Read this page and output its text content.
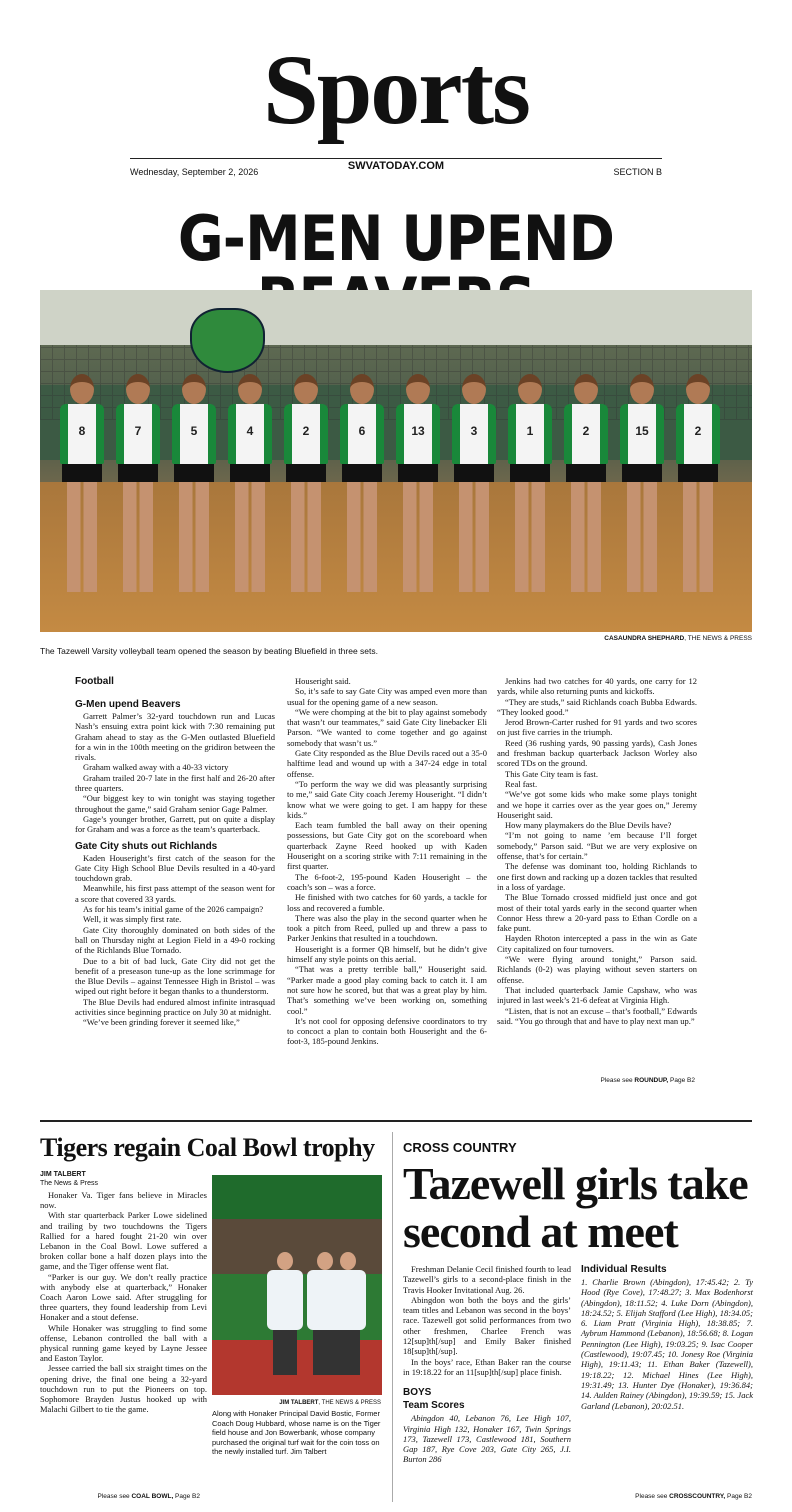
Sports
Wednesday, September 2, 2026	SWVATODAY.COM	SECTION B
G-MEN UPEND
8	7	5	4	2	6	13	3	1	2	15	2
CASAUNDRA SHEPHARD, THE NEWS & PRESS
The Tazewell Varsity volleyball team opened the season by beating Bluefield in three sets.

Football

G-Men upend Beavers

Garrett Palmer’s 32-yard touchdown run and Lucas Nash’s ensuing extra point kick with 7:30 remaining put Graham ahead to stay as the G-Men outlasted Bluefield for a win in the 100th meeting on the gridiron between the rivals.

Graham walked away with a 40-33 victory

Graham trailed 20-7 late in the first half and 26-20 after three quarters.

“Our biggest key to win tonight was staying together throughout the game,” said Graham senior Gage Palmer.

Gage’s younger brother, Garrett, put on quite a display for Graham and was a force as the team’s quarterback.

Gate City shuts out Richlands

Kaden Houseright’s first catch of the season for the Gate City High School Blue Devils resulted in a 40-yard touchdown grab.

Meanwhile, his first pass attempt of the season went for a score that covered 33 yards.

As for his team’s initial game of the 2026 campaign?

Well, it was simply first rate.

Gate City thoroughly dominated on both sides of the ball on Thursday night at Legion Field in a 49-0 rocking of the Richlands Blue Tornado.

Due to a bit of bad luck, Gate City did not get the benefit of a preseason tune-up as the lone scrimmage for the Blue Devils – against Tennessee High in Bristol – was wiped out right before it began thanks to a thunderstorm.

The Blue Devils had endured almost infinite intrasquad activities since beginning practice on July 30 at midnight.

“We’ve been grinding forever it seemed like,”

Houseright said.

So, it’s safe to say Gate City was amped even more than usual for the opening game of a new season.

“We were chomping at the bit to play against somebody that wasn’t our teammates,” said Gate City linebacker Eli Parson. “We wanted to come together and go against somebody that wasn’t us.”

Gate City responded as the Blue Devils raced out a 35-0 halftime lead and wound up with a 347-24 edge in total offense.

“To perform the way we did was pleasantly surprising to me,” said Gate City coach Jeremy Houseright. “I didn’t know what we were going to get. I am happy for these kids.”

Each team fumbled the ball away on their opening possessions, but Gate City got on the scoreboard when quarterback Zayne Reed hooked up with Kaden Houseright on a scoring strike with 7:11 remaining in the first quarter.

The 6-foot-2, 195-pound Kaden Houseright – the coach’s son – was a force.

He finished with two catches for 60 yards, a tackle for loss and recovered a fumble.

There was also the play in the second quarter when he took a pitch from Reed, pulled up and threw a pass to Parker Jenkins that resulted in a touchdown.

Houseright is a former QB himself, but he didn’t give himself any style points on this aerial.

“That was a pretty terrible ball,” Houseright said. “Parker made a good play coming back to catch it. I am not sure how he scored, but that was a great play by him. That’s something we’ve been working on, something cool.”

It’s not cool for opposing defensive coordinators to try to concoct a plan to contain both Houseright and the 6-foot-3, 185-pound Jenkins.

Jenkins had two catches for 40 yards, one carry for 12 yards, while also returning punts and kickoffs.

“They are studs,” said Richlands coach Bubba Edwards. “They looked good.”

Jerod Brown-Carter rushed for 91 yards and two scores on just five carries in the triumph.

Reed (36 rushing yards, 90 passing yards), Cash Jones and freshman backup quarterback Jackson Worley also scored TDs on the ground.

This Gate City team is fast.

Real fast.

“We’ve got some kids who make some plays tonight and we hope it carries over as the year goes on,” Jeremy Houseright said.

How many playmakers do the Blue Devils have?

“I’m not going to name ’em because I’ll forget somebody,” Parson said. “But we are very explosive on offense, that’s for certain.”

The defense was dominant too, holding Richlands to one first down and racking up a dozen tackles that resulted in a loss of yardage.

The Blue Tornado crossed midfield just once and got most of their total yards early in the second quarter when Connor Hess threw a 20-yard pass to Ethan Cordle on a fake punt.

Hayden Rhoton intercepted a pass in the win as Gate City capitalized on four turnovers.

“We were flying around tonight,” Parson said. Richlands (0-2) was playing without seven starters on offense.

That included quarterback Jamie Capshaw, who was injured in last week’s 21-6 defeat at Virginia High.

“Listen, that is not an excuse – that’s football,” Edwards said. “You go through that and have to play next man up.”

Please see ROUNDUP, Page B2
Tigers regain Coal Bowl trophy
JIM TALBERT
The News & Press

Honaker Va. Tiger fans believe in Miracles now.

With star quarterback Parker Lowe sidelined and trailing by two touchdowns the Tigers Rallied for a hared fought 21-20 win over Lebanon in the Coal Bowl. Lowe suffered a broken collar bone a half dozen plays into the game, and the Tiger offense went flat.

“Parker is our guy. We don’t really practice with anybody else at quarterback,” Honaker Coach Aaron Lowe said. After struggling for three quarters, they found leadership from Levi Honaker and a stout defense.

While Honaker was struggling to find some offense, Lebanon controlled the ball with a physical running game keyed by Layne Jessee and Easton Taylor.

Jessee carried the ball six straight times on the opening drive, the final one being a 32-yard touchdown run to put the Pioneers on top. Sophomore Brayden Justus hooked up with Malachi Gilbert to tie the game.

JIM TALBERT, THE NEWS & PRESS
Along with Honaker Principal David Bostic, Former Coach Doug Hubbard, whose name is on the Tiger field house and Jon Bowerbank, whose company purchased the original turf wait for the coin toss on the newly installed turf. Jim Talbert
Please see COAL BOWL, Page B2
CROSS COUNTRY
Tazewell girls take second at meet

Freshman Delanie Cecil finished fourth to lead Tazewell’s girls to a second-place finish in the Travis Hooker Invitational Aug. 26.

Abingdon won both the boys and the girls’ team titles and Lebanon was second in the boys’ race. Tazewell got solid performances from two other freshmen, Charlee French was 12[sup]th[/sup] and Emily Baker finished 18[sup]th[/sup].

In the boys’ race, Ethan Baker ran the course in 19:18.22 for an 11[sup]th[/sup] place finish.

BOYS

Team Scores

Abingdon 40, Lebanon 76, Lee High 107, Virginia High 132, Honaker 167, Twin Springs 173, Tazewell 173, Castlewood 181, Southern Gap 187, Rye Cove 203, Gate City 265, J.I. Burton 286

Individual Results

1. Charlie Brown (Abingdon), 17:45.42; 2. Ty Hood (Rye Cove), 17:48.27; 3. Max Bodenhorst (Abingdon), 18:11.52; 4. Luke Dorn (Abingdon), 18:24.52; 5. Elijah Stafford (Lee High), 18:34.05; 6. Liam Pratt (Virginia High), 18:38.85; 7. Aybrum Hammond (Lebanon), 18:56.68; 8. Logan Pennington (Lee High), 19:03.25; 9. Isac Cooper (Castlewood), 19:07.45; 10. Jonesy Roe (Virginia High), 19:11.43; 11. Ethan Baker (Tazewell), 19:18.22; 12. Michael Hines (Lee High), 19:31.49; 13. Hunter Dye (Honaker), 19:36.84; 14. Aulden Rainey (Abingdon), 19:39.59; 15. Jack Garland (Lebanon), 20:02.51.

Please see CROSSCOUNTRY, Page B2
